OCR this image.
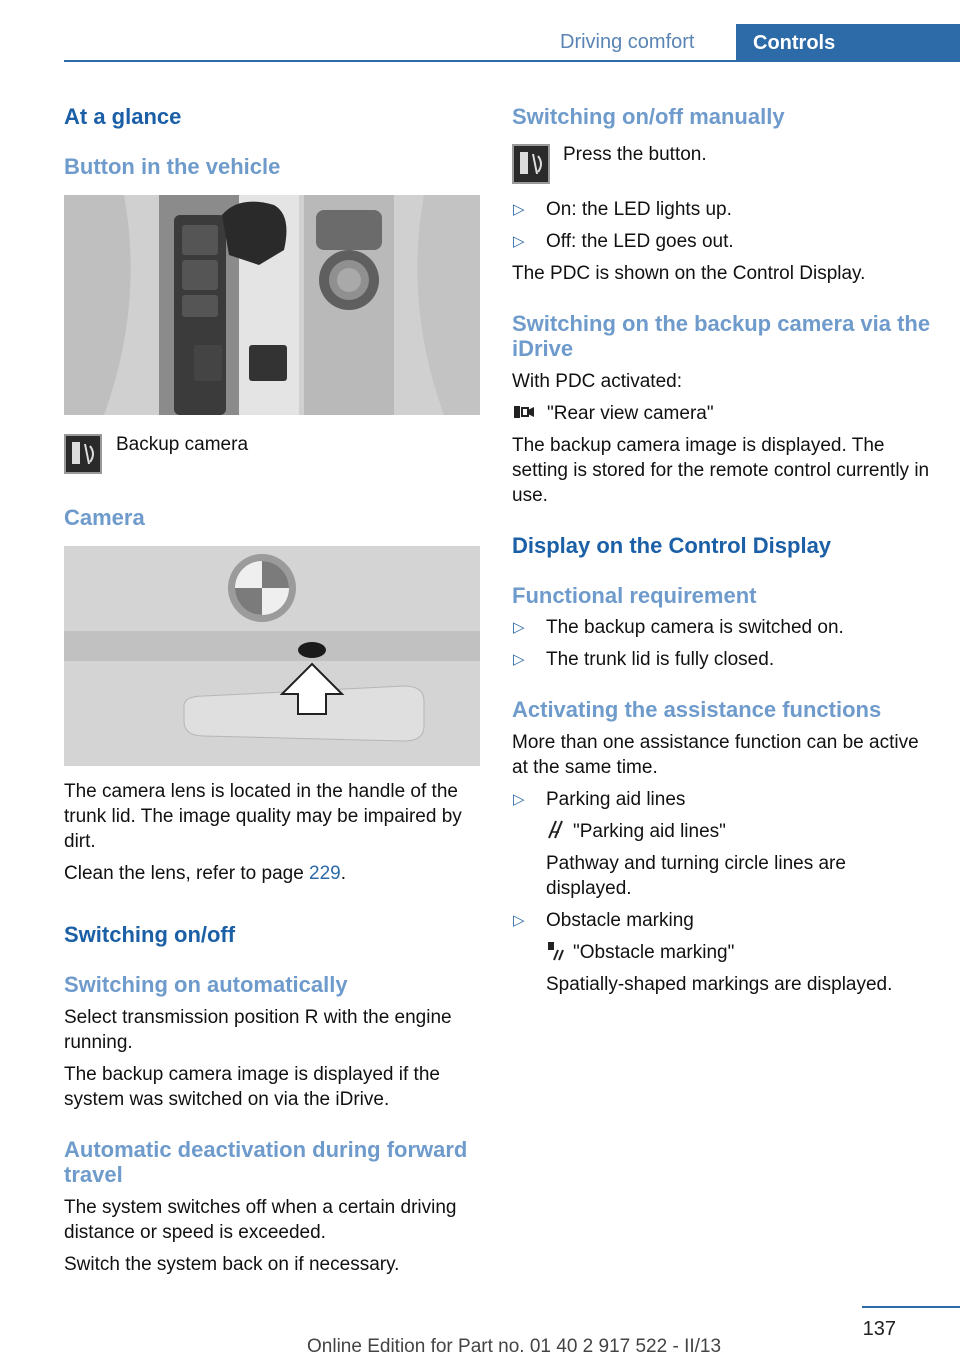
Driving comfort	Controls
At a glance
Button in the vehicle
Backup camera
Camera
The camera lens is located in the handle of the trunk lid. The image quality may be impaired by dirt.
Clean the lens, refer to page 229.
Switching on/off
Switching on automatically
Select transmission position R with the engine running.
The backup camera image is displayed if the system was switched on via the iDrive.
Automatic deactivation during forward
travel
The system switches off when a certain driving distance or speed is exceeded.
Switch the system back on if necessary.
Switching on/off manually
Press the button.
▷ On: the LED lights up.
▷ Off: the LED goes out.
The PDC is shown on the Control Display.
Switching on the backup camera via the
iDrive
With PDC activated:
"Rear view camera"
The backup camera image is displayed. The setting is stored for the remote control currently in use.
Display on the Control Display
Functional requirement
▷ The backup camera is switched on.
▷ The trunk lid is fully closed.
Activating the assistance functions
More than one assistance function can be active at the same time.
▷ Parking aid lines
"Parking aid lines"
Pathway and turning circle lines are displayed.
▷ Obstacle marking
"Obstacle marking"
Spatially-shaped markings are displayed.
137
Online Edition for Part no. 01 40 2 917 522 - II/13
